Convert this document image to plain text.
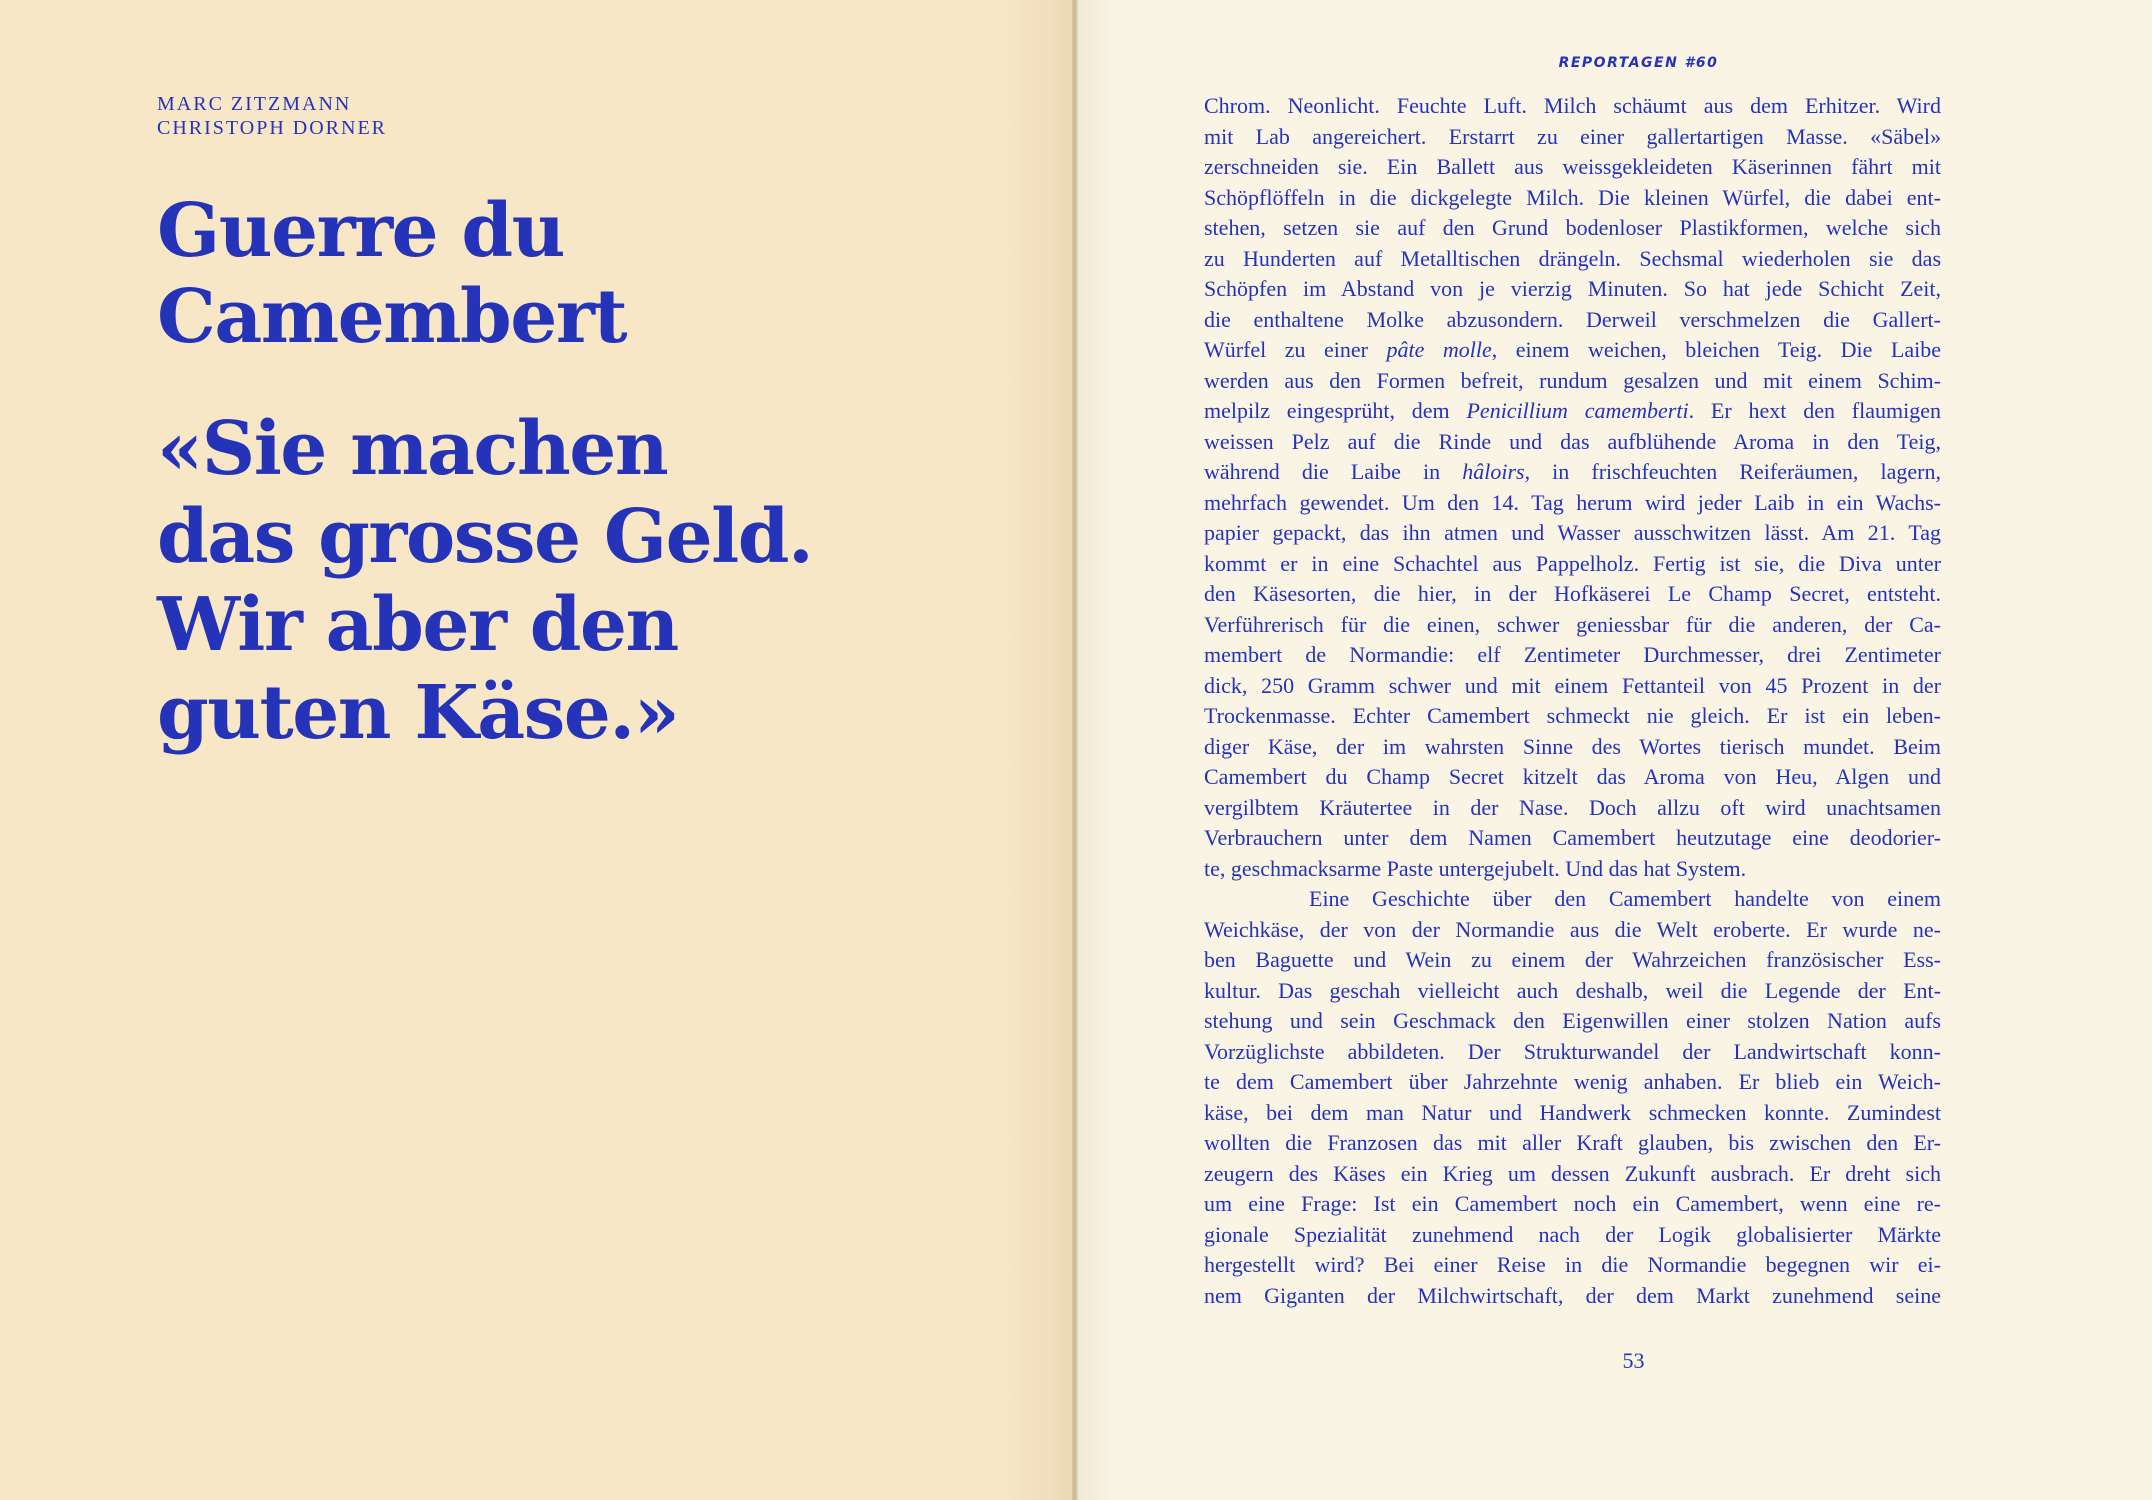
MARC ZITZMANN
CHRISTOPH DORNER
Guerre du
Camembert
«Sie machen
das grosse Geld.
Wir aber den
guten Käse.»
REPORTAGEN #60
Chrom. Neonlicht. Feuchte Luft. Milch schäumt aus dem Erhitzer. Wird
mit Lab angereichert. Erstarrt zu einer gallertartigen Masse. «Säbel»
zerschneiden sie. Ein Ballett aus weissgekleideten Käserinnen fährt mit
Schöpflöffeln in die dickgelegte Milch. Die kleinen Würfel, die dabei ent-
stehen, setzen sie auf den Grund bodenloser Plastikformen, welche sich
zu Hunderten auf Metalltischen drängeln. Sechsmal wiederholen sie das
Schöpfen im Abstand von je vierzig Minuten. So hat jede Schicht Zeit,
die enthaltene Molke abzusondern. Derweil verschmelzen die Gallert-
Würfel zu einer pâte molle, einem weichen, bleichen Teig. Die Laibe
werden aus den Formen befreit, rundum gesalzen und mit einem Schim-
melpilz eingesprüht, dem Penicillium camemberti. Er hext den flaumigen
weissen Pelz auf die Rinde und das aufblühende Aroma in den Teig,
während die Laibe in hâloirs, in frischfeuchten Reiferäumen, lagern,
mehrfach gewendet. Um den 14. Tag herum wird jeder Laib in ein Wachs-
papier gepackt, das ihn atmen und Wasser ausschwitzen lässt. Am 21. Tag
kommt er in eine Schachtel aus Pappelholz. Fertig ist sie, die Diva unter
den Käsesorten, die hier, in der Hofkäserei Le Champ Secret, entsteht.
Verführerisch für die einen, schwer geniessbar für die anderen, der Ca-
membert de Normandie: elf Zentimeter Durchmesser, drei Zentimeter
dick, 250 Gramm schwer und mit einem Fettanteil von 45 Prozent in der
Trockenmasse. Echter Camembert schmeckt nie gleich. Er ist ein leben-
diger Käse, der im wahrsten Sinne des Wortes tierisch mundet. Beim
Camembert du Champ Secret kitzelt das Aroma von Heu, Algen und
vergilbtem Kräutertee in der Nase. Doch allzu oft wird unachtsamen
Verbrauchern unter dem Namen Camembert heutzutage eine deodorier-
te, geschmacksarme Paste untergejubelt. Und das hat System.
Eine Geschichte über den Camembert handelte von einem
Weichkäse, der von der Normandie aus die Welt eroberte. Er wurde ne-
ben Baguette und Wein zu einem der Wahrzeichen französischer Ess-
kultur. Das geschah vielleicht auch deshalb, weil die Legende der Ent-
stehung und sein Geschmack den Eigenwillen einer stolzen Nation aufs
Vorzüglichste abbildeten. Der Strukturwandel der Landwirtschaft konn-
te dem Camembert über Jahrzehnte wenig anhaben. Er blieb ein Weich-
käse, bei dem man Natur und Handwerk schmecken konnte. Zumindest
wollten die Franzosen das mit aller Kraft glauben, bis zwischen den Er-
zeugern des Käses ein Krieg um dessen Zukunft ausbrach. Er dreht sich
um eine Frage: Ist ein Camembert noch ein Camembert, wenn eine re-
gionale Spezialität zunehmend nach der Logik globalisierter Märkte
hergestellt wird? Bei einer Reise in die Normandie begegnen wir ei-
nem Giganten der Milchwirtschaft, der dem Markt zunehmend seine
53
